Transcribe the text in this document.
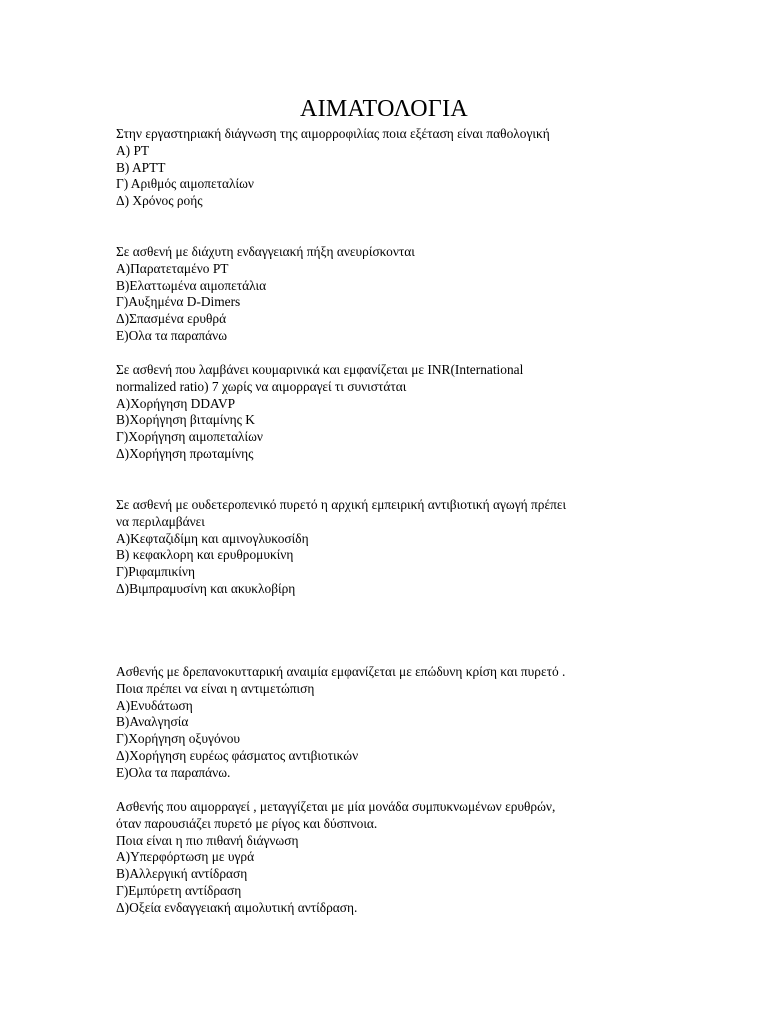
ΑΙΜΑΤΟΛΟΓΙΑ
Στην εργαστηριακή διάγνωση της αιμορροφιλίας ποια εξέταση είναι παθολογική
A) PT
B) APTT
Γ) Αριθμός αιμοπεταλίων
Δ) Χρόνος ροής
Σε ασθενή με διάχυτη ενδαγγειακή πήξη ανευρίσκονται
Α)Παρατεταμένο PT
B)Ελαττωμένα αιμοπετάλια
Γ)Αυξημένα D-Dimers
Δ)Σπασμένα ερυθρά
E)Ολα τα παραπάνω
Σε ασθενή που λαμβάνει κουμαρινικά και εμφανίζεται με INR(International
normalized ratio) 7 χωρίς να αιμορραγεί τι συνιστάται
A)Χορήγηση DDAVP
B)Χορήγηση βιταμίνης K
Γ)Χορήγηση αιμοπεταλίων
Δ)Χορήγηση πρωταμίνης
Σε ασθενή με ουδετεροπενικό πυρετό η αρχική εμπειρική αντιβιοτική αγωγή πρέπει
να περιλαμβάνει
A)Κεφταζιδίμη και αμινογλυκοσίδη
B) κεφακλορη και ερυθρομυκίνη
Γ)Ριφαμπικίνη
Δ)Βιμπραμυσίνη και ακυκλοβίρη
Ασθενής με δρεπανοκυτταρική αναιμία εμφανίζεται με επώδυνη κρίση και πυρετό .
Ποια πρέπει να είναι η αντιμετώπιση
A)Ενυδάτωση
B)Αναλγησία
Γ)Χορήγηση οξυγόνου
Δ)Χορήγηση ευρέως φάσματος αντιβιοτικών
E)Ολα τα παραπάνω.
Ασθενής που αιμορραγεί , μεταγγίζεται με μία μονάδα συμπυκνωμένων ερυθρών,
όταν παρουσιάζει πυρετό με ρίγος και δύσπνοια.
Ποια είναι η πιο πιθανή διάγνωση
A)Υπερφόρτωση με υγρά
B)Αλλεργική αντίδραση
Γ)Εμπύρετη αντίδραση
Δ)Οξεία ενδαγγειακή αιμολυτική αντίδραση.
